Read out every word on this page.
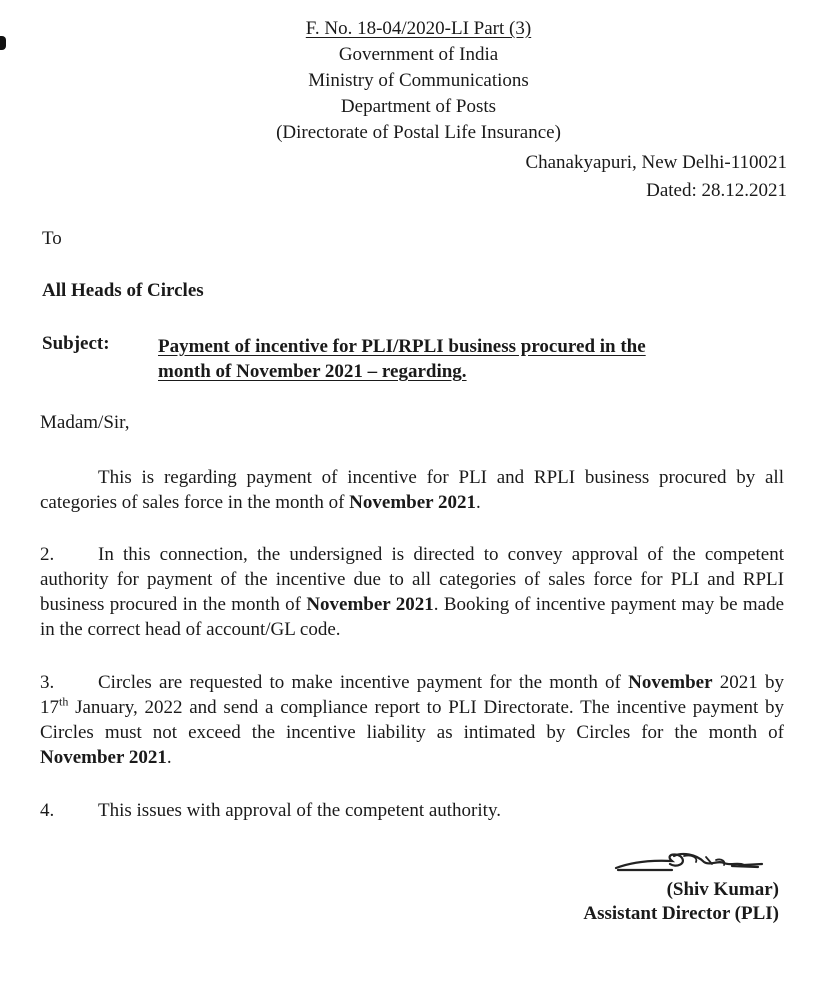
F. No. 18-04/2020-LI Part (3)
Government of India
Ministry of Communications
Department of Posts
(Directorate of Postal Life Insurance)
Chanakyapuri, New Delhi-110021
Dated: 28.12.2021
To
All Heads of Circles
Subject:	Payment of incentive for PLI/RPLI business procured in the
month of November 2021 – regarding.
Madam/Sir,

This is regarding payment of incentive for PLI and RPLI business procured by all categories of sales force in the month of November 2021.

2. In this connection, the undersigned is directed to convey approval of the competent authority for payment of the incentive due to all categories of sales force for PLI and RPLI business procured in the month of November 2021. Booking of incentive payment may be made in the correct head of account/GL code.

3. Circles are requested to make incentive payment for the month of November 2021 by 17th January, 2022 and send a compliance report to PLI Directorate. The incentive payment by Circles must not exceed the incentive liability as intimated by Circles for the month of November 2021.

4. This issues with approval of the competent authority.

(Shiv Kumar)
Assistant Director (PLI)
